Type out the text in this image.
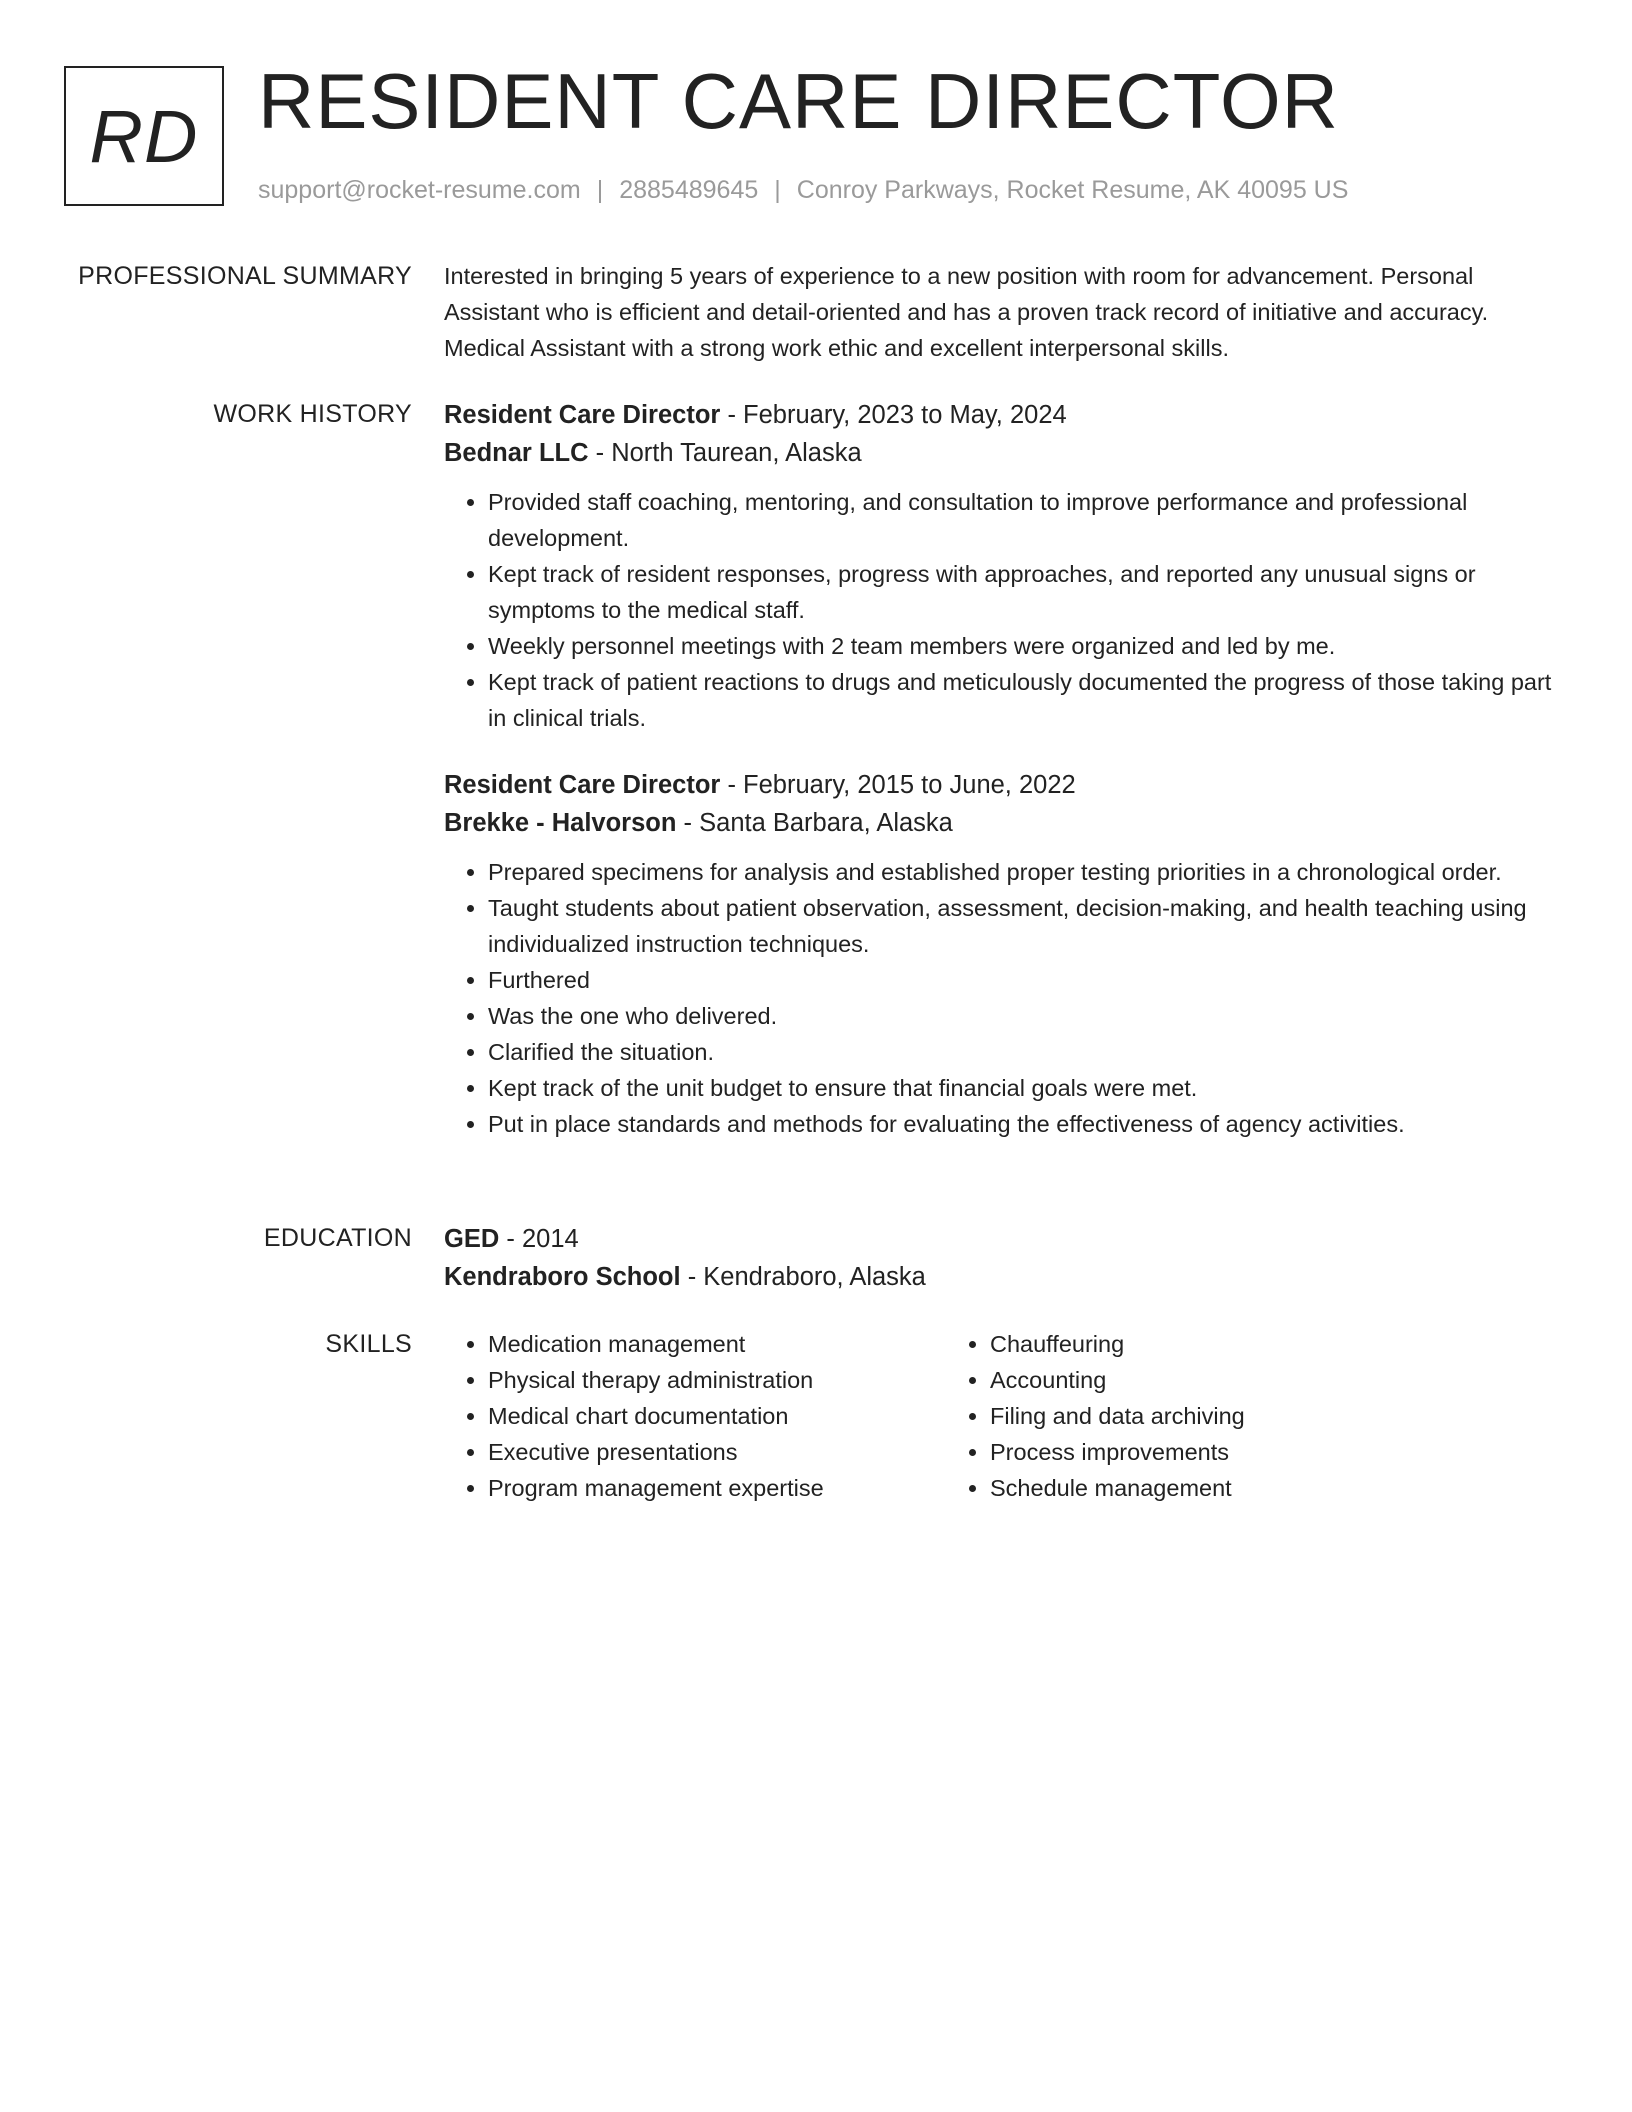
RD RESIDENT CARE DIRECTOR
support@rocket-resume.com | 2885489645 | Conroy Parkways, Rocket Resume, AK 40095 US
PROFESSIONAL SUMMARY Interested in bringing 5 years of experience to a new position with room for advancement. Personal Assistant who is efficient and detail-oriented and has a proven track record of initiative and accuracy. Medical Assistant with a strong work ethic and excellent interpersonal skills.

WORK HISTORY Resident Care Director - February, 2023 to May, 2024
Bednar LLC - North Taurean, Alaska
• Provided staff coaching, mentoring, and consultation to improve performance and professional development.
• Kept track of resident responses, progress with approaches, and reported any unusual signs or symptoms to the medical staff.
• Weekly personnel meetings with 2 team members were organized and led by me.
• Kept track of patient reactions to drugs and meticulously documented the progress of those taking part in clinical trials.
Resident Care Director - February, 2015 to June, 2022
Brekke - Halvorson - Santa Barbara, Alaska
• Prepared specimens for analysis and established proper testing priorities in a chronological order.
• Taught students about patient observation, assessment, decision-making, and health teaching using individualized instruction techniques.
• Furthered
• Was the one who delivered.
• Clarified the situation.
• Kept track of the unit budget to ensure that financial goals were met.
• Put in place standards and methods for evaluating the effectiveness of agency activities.
EDUCATION GED - 2014
Kendraboro School - Kendraboro, Alaska
SKILLS
•	Medication management
• Physical therapy administration
• Medical chart documentation
• Executive presentations
• Program management expertise
• Chauffeuring
• Accounting
• Filing and data archiving
• Process improvements
• Schedule management
